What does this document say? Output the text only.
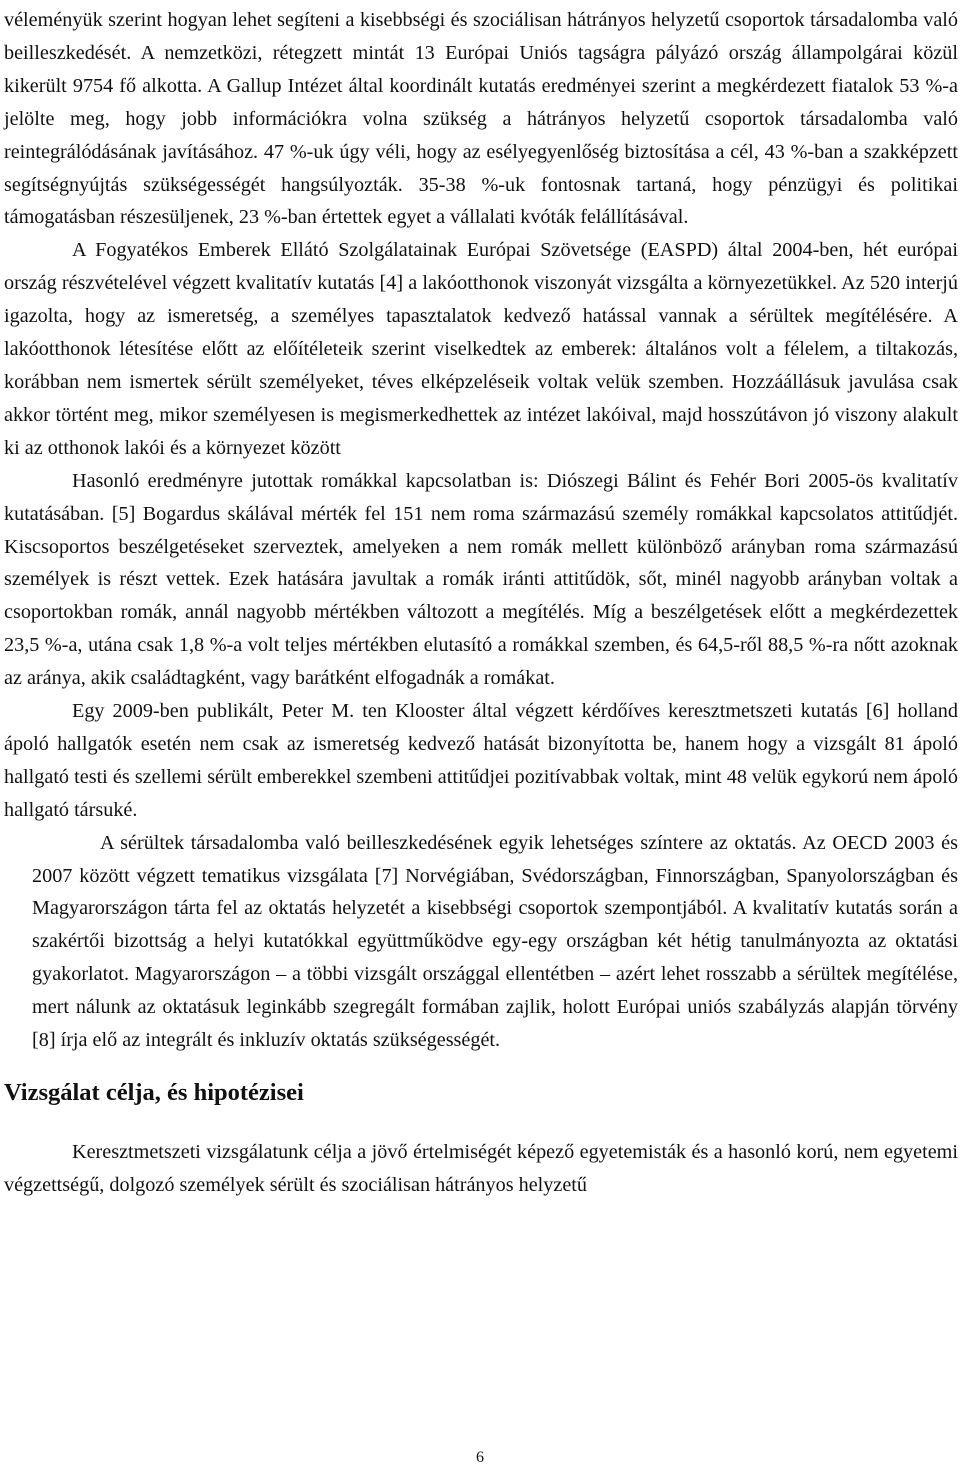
véleményük szerint hogyan lehet segíteni a kisebbségi és szociálisan hátrányos helyzetű csoportok társadalomba való beilleszkedését. A nemzetközi, rétegzett mintát 13 Európai Uniós tagságra pályázó ország állampolgárai közül kikerült 9754 fő alkotta. A Gallup Intézet által koordinált kutatás eredményei szerint a megkérdezett fiatalok 53 %-a jelölte meg, hogy jobb információkra volna szükség a hátrányos helyzetű csoportok társadalomba való reintegrálódásának javításához. 47 %-uk úgy véli, hogy az esélyegyenlőség biztosítása a cél, 43 %-ban a szakképzett segítségnyújtás szükségességét hangsúlyozták. 35-38 %-uk fontosnak tartaná, hogy pénzügyi és politikai támogatásban részesüljenek, 23 %-ban értettek egyet a vállalati kvóták felállításával.

A Fogyatékos Emberek Ellátó Szolgálatainak Európai Szövetsége (EASPD) által 2004-ben, hét európai ország részvételével végzett kvalitatív kutatás [4] a lakóotthonok viszonyát vizsgálta a környezetükkel. Az 520 interjú igazolta, hogy az ismeretség, a személyes tapasztalatok kedvező hatással vannak a sérültek megítélésére. A lakóotthonok létesítése előtt az előítéleteik szerint viselkedtek az emberek: általános volt a félelem, a tiltakozás, korábban nem ismertek sérült személyeket, téves elképzeléseik voltak velük szemben. Hozzáállásuk javulása csak akkor történt meg, mikor személyesen is megismerkedhettek az intézet lakóival, majd hosszútávon jó viszony alakult ki az otthonok lakói és a környezet között

Hasonló eredményre jutottak romákkal kapcsolatban is: Diószegi Bálint és Fehér Bori 2005-ös kvalitatív kutatásában. [5] Bogardus skálával mérték fel 151 nem roma származású személy romákkal kapcsolatos attitűdjét. Kiscsoportos beszélgetéseket szerveztek, amelyeken a nem romák mellett különböző arányban roma származású személyek is részt vettek. Ezek hatására javultak a romák iránti attitűdök, sőt, minél nagyobb arányban voltak a csoportokban romák, annál nagyobb mértékben változott a megítélés. Míg a beszélgetések előtt a megkérdezettek 23,5 %-a, utána csak 1,8 %-a volt teljes mértékben elutasító a romákkal szemben, és 64,5-ről 88,5 %-ra nőtt azoknak az aránya, akik családtagként, vagy barátként elfogadnák a romákat.

Egy 2009-ben publikált, Peter M. ten Klooster által végzett kérdőíves keresztmetszeti kutatás [6] holland ápoló hallgatók esetén nem csak az ismeretség kedvező hatását bizonyította be, hanem hogy a vizsgált 81 ápoló hallgató testi és szellemi sérült emberekkel szembeni attitűdjei pozitívabbak voltak, mint 48 velük egykorú nem ápoló hallgató társuké.

A sérültek társadalomba való beilleszkedésének egyik lehetséges színtere az oktatás. Az OECD 2003 és 2007 között végzett tematikus vizsgálata [7] Norvégiában, Svédországban, Finnországban, Spanyolországban és Magyarországon tárta fel az oktatás helyzetét a kisebbségi csoportok szempontjából. A kvalitatív kutatás során a szakértői bizottság a helyi kutatókkal együttműködve egy-egy országban két hétig tanulmányozta az oktatási gyakorlatot. Magyarországon – a többi vizsgált országgal ellentétben – azért lehet rosszabb a sérültek megítélése, mert nálunk az oktatásuk leginkább szegregált formában zajlik, holott Európai uniós szabályzás alapján törvény [8] írja elő az integrált és inkluzív oktatás szükségességét.

Vizsgálat célja, és hipotézisei

Keresztmetszeti vizsgálatunk célja a jövő értelmiségét képező egyetemisták és a hasonló korú, nem egyetemi végzettségű, dolgozó személyek sérült és szociálisan hátrányos helyzetű

6
